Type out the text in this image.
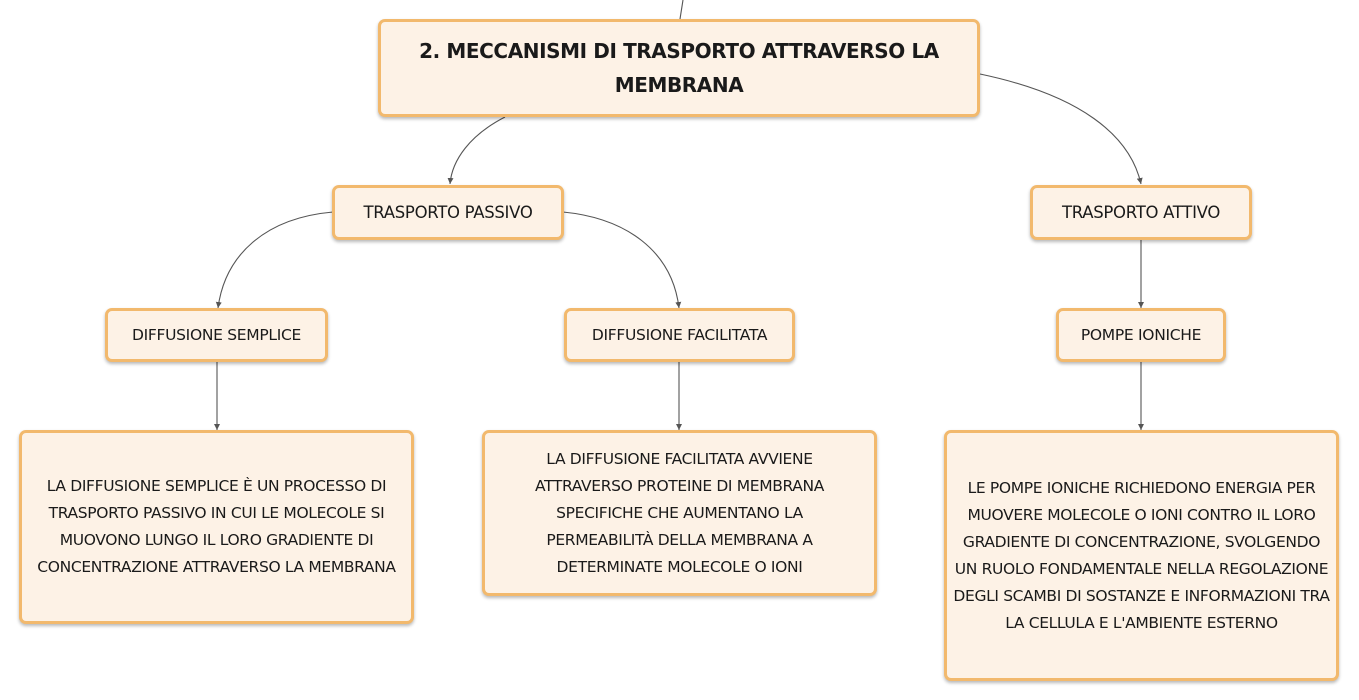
2. MECCANISMI DI TRASPORTO ATTRAVERSO LA MEMBRANA
TRASPORTO PASSIVO	TRASPORTO ATTIVO
DIFFUSIONE SEMPLICE	DIFFUSIONE FACILITATA	POMPE IONICHE
LA DIFFUSIONE SEMPLICE È UN PROCESSO DI TRASPORTO PASSIVO IN CUI LE MOLECOLE SI MUOVONO LUNGO IL LORO GRADIENTE DI CONCENTRAZIONE ATTRAVERSO LA MEMBRANA
LA DIFFUSIONE FACILITATA AVVIENE ATTRAVERSO PROTEINE DI MEMBRANA SPECIFICHE CHE AUMENTANO LA PERMEABILITÀ DELLA MEMBRANA A DETERMINATE MOLECOLE O IONI
LE POMPE IONICHE RICHIEDONO ENERGIA PER MUOVERE MOLECOLE O IONI CONTRO IL LORO GRADIENTE DI CONCENTRAZIONE, SVOLGENDO UN RUOLO FONDAMENTALE NELLA REGOLAZIONE DEGLI SCAMBI DI SOSTANZE E INFORMAZIONI TRA LA CELLULA E L'AMBIENTE ESTERNO
